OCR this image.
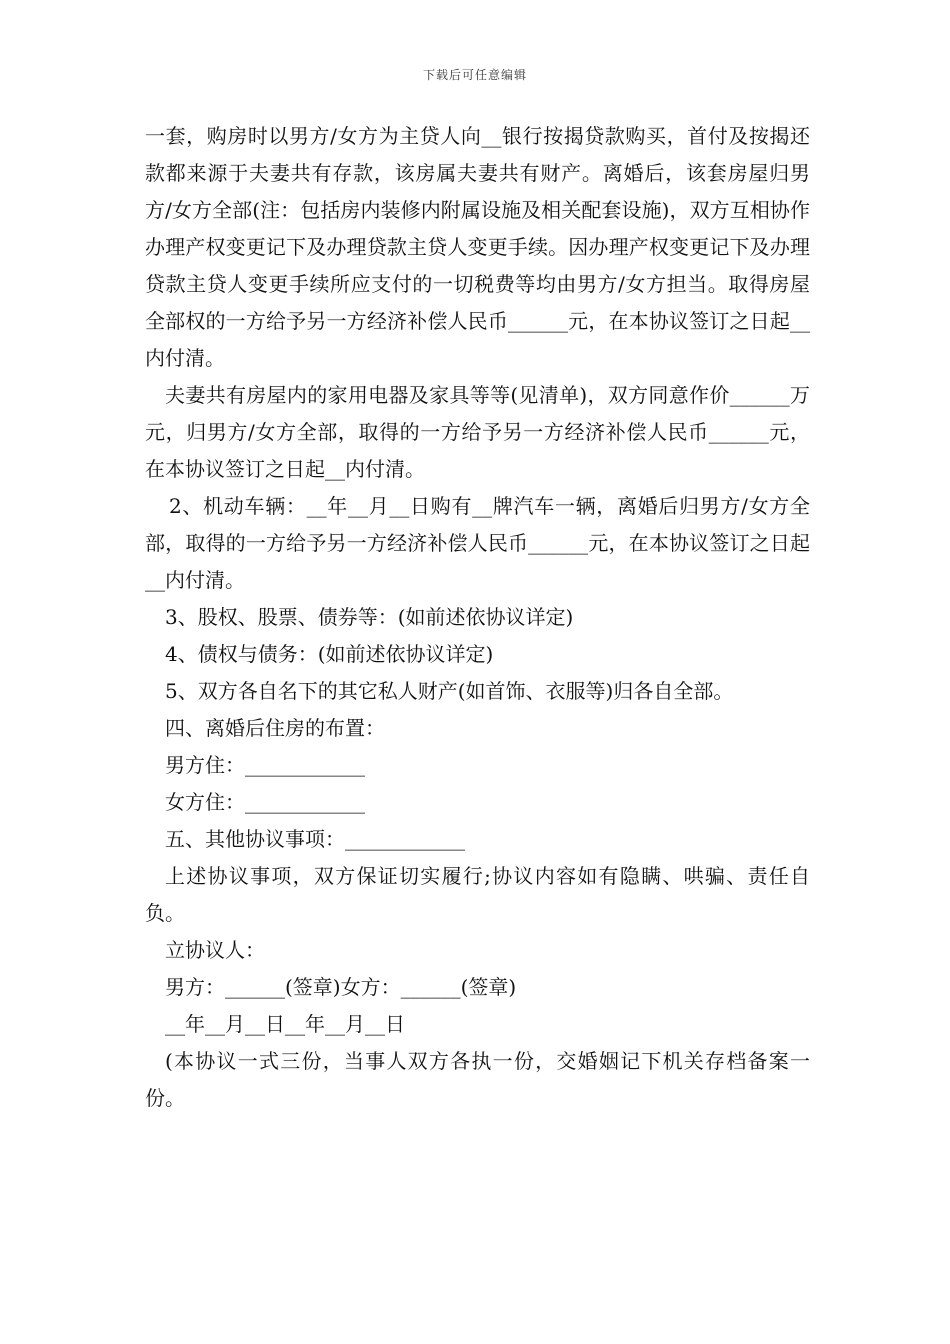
下载后可任意编辑

一套，购房时以男方/女方为主贷人向__银行按揭贷款购买，首付及按揭还款都来源于夫妻共有存款，该房属夫妻共有财产。离婚后，该套房屋归男方/女方全部(注：包括房内装修内附属设施及相关配套设施)，双方互相协作办理产权变更记下及办理贷款主贷人变更手续。因办理产权变更记下及办理贷款主贷人变更手续所应支付的一切税费等均由男方/女方担当。取得房屋全部权的一方给予另一方经济补偿人民币______元，在本协议签订之日起__内付清。

夫妻共有房屋内的家用电器及家具等等(见清单)，双方同意作价______万元，归男方/女方全部，取得的一方给予另一方经济补偿人民币______元，在本协议签订之日起__内付清。

2、机动车辆：__年__月__日购有__牌汽车一辆，离婚后归男方/女方全部，取得的一方给予另一方经济补偿人民币______元，在本协议签订之日起__内付清。

3、股权、股票、债券等：(如前述依协议详定)

4、债权与债务：(如前述依协议详定)

5、双方各自名下的其它私人财产(如首饰、衣服等)归各自全部。

四、离婚后住房的布置：

男方住：____________

女方住：____________

五、其他协议事项：____________

上述协议事项，双方保证切实履行;协议内容如有隐瞒、哄骗、责任自负。

立协议人：

男方：______(签章)女方：______(签章)

__年__月__日__年__月__日

(本协议一式三份，当事人双方各执一份，交婚姻记下机关存档备案一份。
